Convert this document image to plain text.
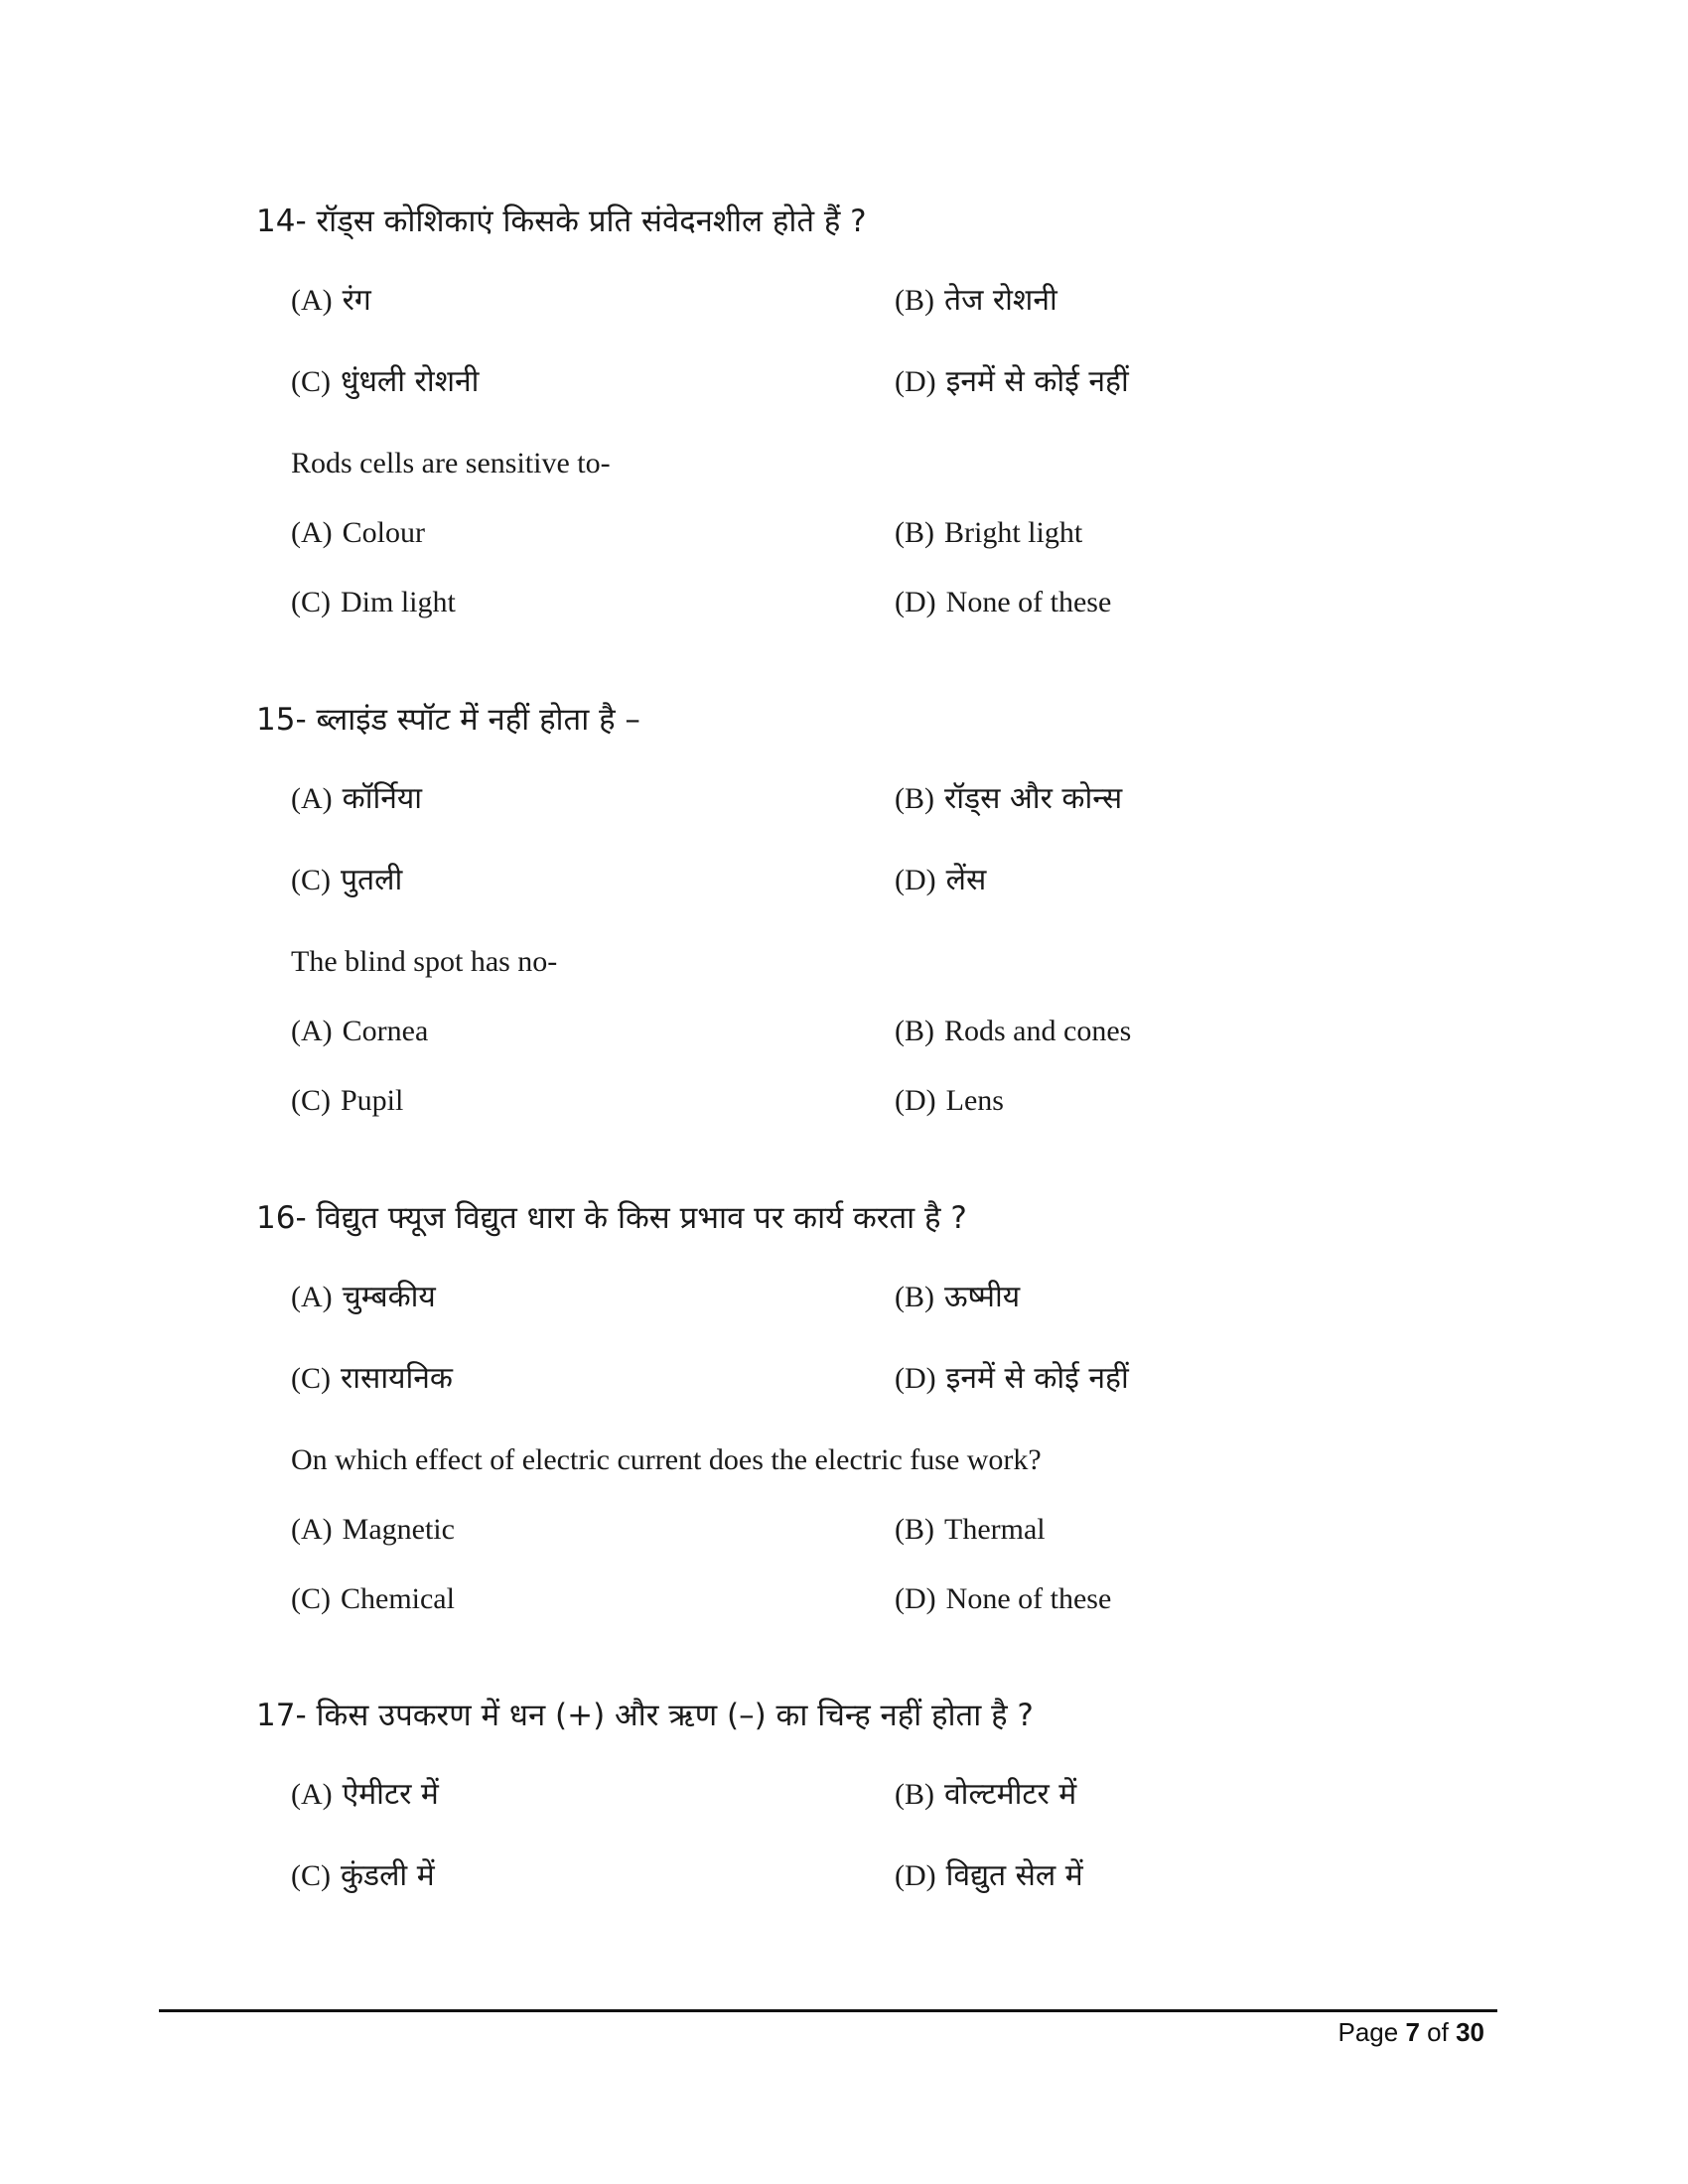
14- रॉड्स कोशिकाएं किसके प्रति संवेदनशील होते हैं ?
(A) रंग	(B) तेज रोशनी
(C) धुंधली रोशनी	(D) इनमें से कोई नहीं
Rods cells are sensitive to-
(A) Colour	(B) Bright light
(C) Dim light	(D) None of these
15- ब्लाइंड स्पॉट में नहीं होता है –
(A) कॉर्निया	(B) रॉड्स और कोन्स
(C) पुतली	(D) लेंस
The blind spot has no-
(A) Cornea	(B) Rods and cones
(C) Pupil	(D) Lens
16- विद्युत फ्यूज विद्युत धारा के किस प्रभाव पर कार्य करता है ?
(A) चुम्बकीय	(B) ऊष्मीय
(C) रासायनिक	(D) इनमें से कोई नहीं
On which effect of electric current does the electric fuse work?
(A) Magnetic	(B) Thermal
(C) Chemical	(D) None of these
17- किस उपकरण में धन (+) और ऋण (–) का चिन्ह नहीं होता है ?
(A) ऐमीटर में	(B) वोल्टमीटर में
(C) कुंडली में	(D) विद्युत सेल में
Page 7 of 30
